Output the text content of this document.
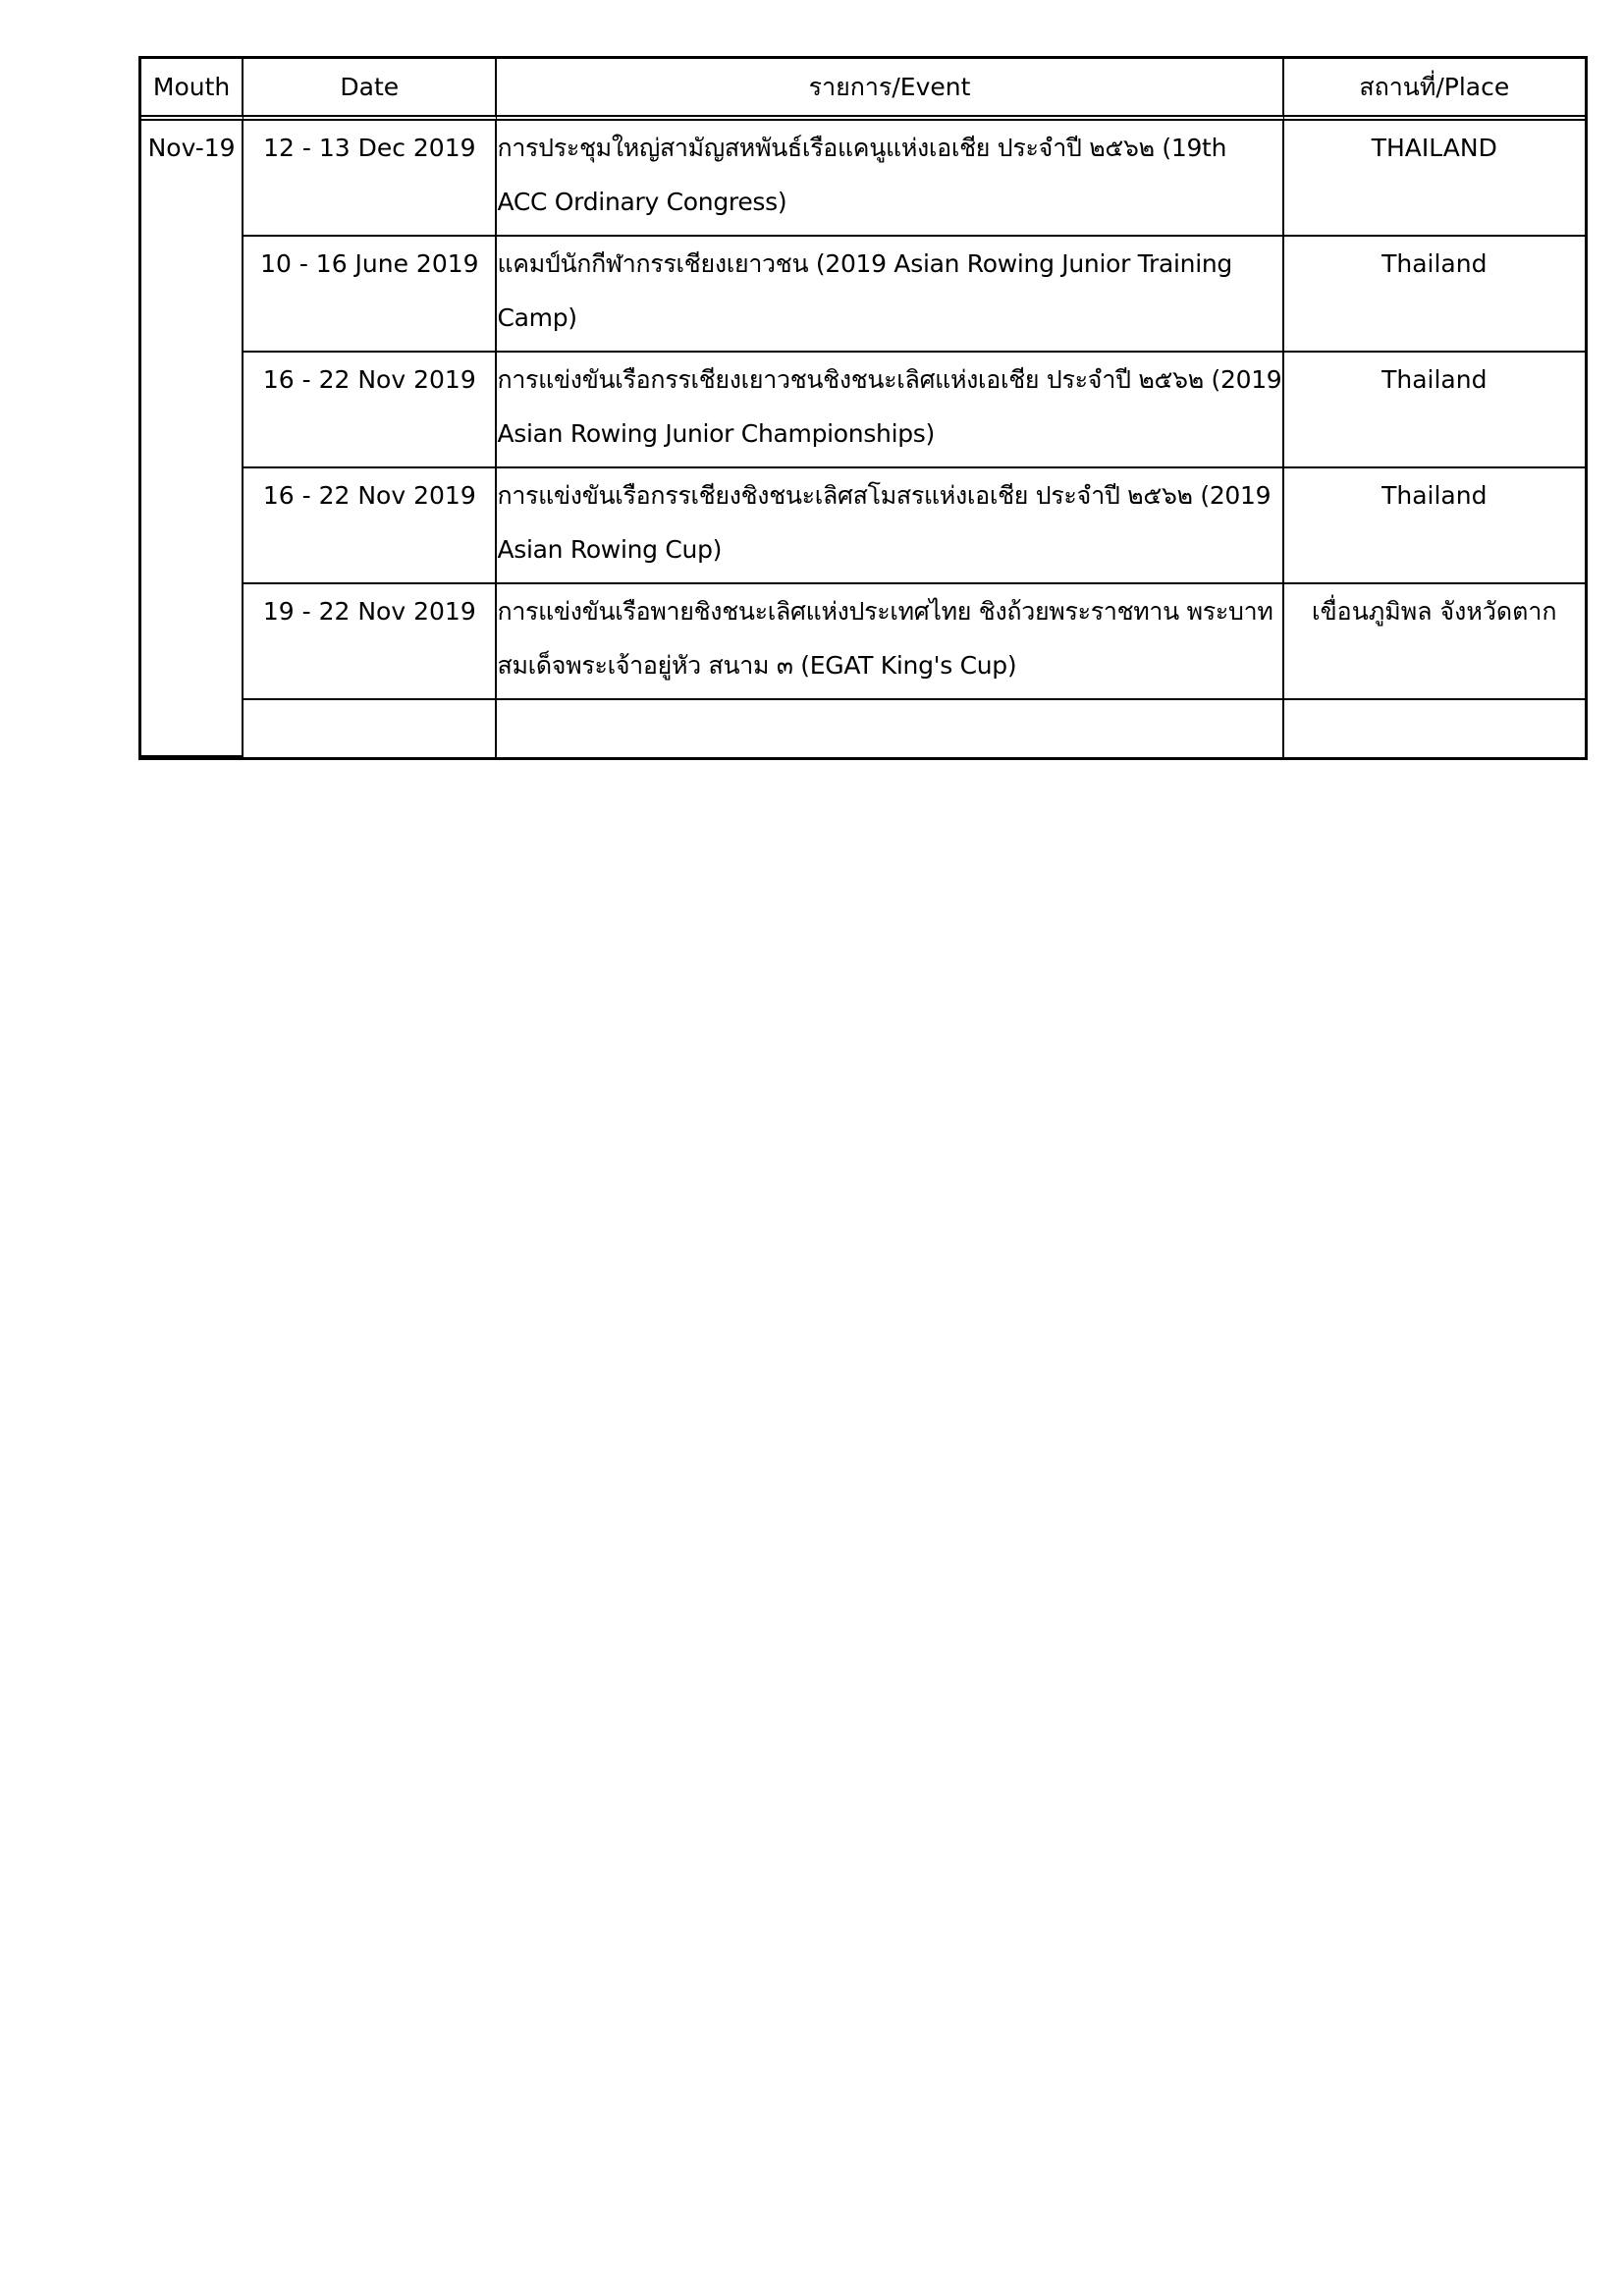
Mouth	Date	รายการ/Event	สถานที่/Place
Nov-19	12 - 13 Dec 2019	การประชุมใหญ่สามัญสหพันธ์เรือแคนูแห่งเอเชีย ประจำปี ๒๕๖๒ (19th ACC Ordinary Congress)	THAILAND
	10 - 16 June 2019	แคมป์นักกีฬากรรเชียงเยาวชน (2019 Asian Rowing Junior Training Camp)	Thailand
	16 - 22 Nov 2019	การแข่งขันเรือกรรเชียงเยาวชนชิงชนะเลิศแห่งเอเชีย ประจำปี ๒๕๖๒ (2019 Asian Rowing Junior Championships)	Thailand
	16 - 22 Nov 2019	การแข่งขันเรือกรรเชียงชิงชนะเลิศสโมสรแห่งเอเชีย ประจำปี ๒๕๖๒ (2019 Asian Rowing Cup)	Thailand
	19 - 22 Nov 2019	การแข่งขันเรือพายชิงชนะเลิศแห่งประเทศไทย ชิงถ้วยพระราชทาน พระบาทสมเด็จพระเจ้าอยู่หัว สนาม ๓ (EGAT King's Cup)	เขื่อนภูมิพล จังหวัดตาก
